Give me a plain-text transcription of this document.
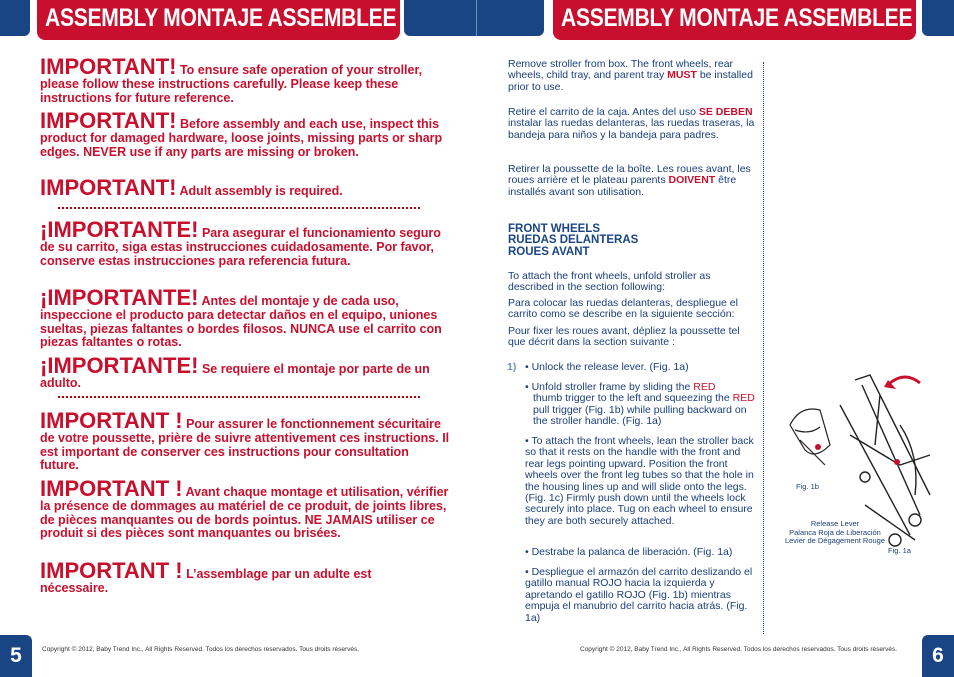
ASSEMBLY MONTAJE ASSEMBLEE	ASSEMBLY MONTAJE ASSEMBLEE
IMPORTANT! To ensure safe operation of your stroller, please follow these instructions carefully. Please keep these instructions for future reference.
IMPORTANT! Before assembly and each use, inspect this product for damaged hardware, loose joints, missing parts or sharp edges. NEVER use if any parts are missing or broken.
IMPORTANT! Adult assembly is required.
¡IMPORTANTE! Para asegurar el funcionamiento seguro de su carrito, siga estas instrucciones cuidadosamente. Por favor, conserve estas instrucciones para referencia futura.
¡IMPORTANTE! Antes del montaje y de cada uso, inspeccione el producto para detectar daños en el equipo, uniones sueltas, piezas faltantes o bordes filosos. NUNCA use el carrito con piezas faltantes o rotas.
¡IMPORTANTE! Se requiere el montaje por parte de un adulto.
IMPORTANT ! Pour assurer le fonctionnement sécuritaire de votre poussette, prière de suivre attentivement ces instructions. Il est important de conserver ces instructions pour consultation future.
IMPORTANT ! Avant chaque montage et utilisation, vérifier la présence de dommages au matériel de ce produit, de joints libres, de pièces manquantes ou de bords pointus. NE JAMAIS utiliser ce produit si des pièces sont manquantes ou brisées.
IMPORTANT ! L’assemblage par un adulte est nécessaire.
Remove stroller from box. The front wheels, rear wheels, child tray, and parent tray MUST be installed prior to use.
Retire el carrito de la caja. Antes del uso SE DEBEN instalar las ruedas delanteras, las ruedas traseras, la bandeja para niños y la bandeja para padres.
Retirer la poussette de la boîte. Les roues avant, les roues arrière et le plateau parents DOIVENT être installés avant son utilisation.
FRONT WHEELS
RUEDAS DELANTERAS
ROUES AVANT
To attach the front wheels, unfold stroller as described in the section following:
Para colocar las ruedas delanteras, despliegue el carrito como se describe en la siguiente sección:
Pour fixer les roues avant, dépliez la poussette tel que décrit dans la section suivante :
1) • Unlock the release lever. (Fig. 1a)
• Unfold stroller frame by sliding the RED
thumb trigger to the left and squeezing the RED pull trigger (Fig. 1b) while pulling backward on the stroller handle. (Fig. 1a)
• To attach the front wheels, lean the stroller back so that it rests on the handle with the front and rear legs pointing upward. Position the front wheels over the front leg tubes so that the hole in the housing lines up and will slide onto the legs. (Fig. 1c) Firmly push down until the wheels lock securely into place. Tug on each wheel to ensure they are both securely attached.
• Destrabe la palanca de liberación. (Fig. 1a)
• Despliegue el armazón del carrito deslizando el gatillo manual ROJO hacia la izquierda y apretando el gatillo ROJO (Fig. 1b) mientras empuja el manubrio del carrito hacia atrás. (Fig. 1a)
Fig. 1b
Release Lever
Palanca Roja de Liberación
Levier de Dégagement Rouge
Fig. 1a
5	6
Copyright © 2012, Baby Trend Inc., All Rights Reserved. Todos los derechos reservados. Tous droits réservés.	Copyright © 2012, Baby Trend Inc., All Rights Reserved. Todos los derechos reservados. Tous droits réservés.
